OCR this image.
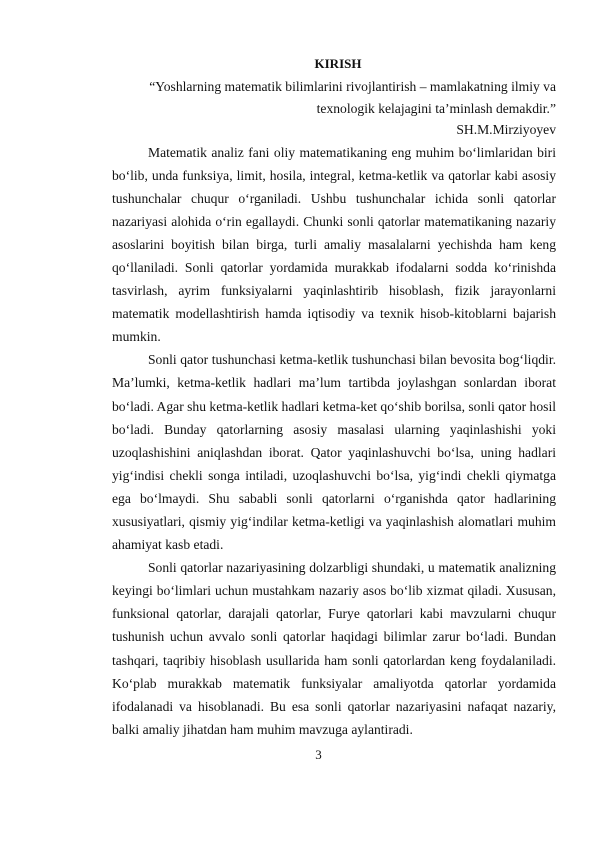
KIRISH
“Yoshlarning matematik bilimlarini rivojlantirish – mamlakatning ilmiy va
texnologik kelajagini ta’minlash demakdir.”
SH.M.Mirziyoyev

Matematik analiz fani oliy matematikaning eng muhim bo‘limlaridan biri bo‘lib, unda funksiya, limit, hosila, integral, ketma-ketlik va qatorlar kabi asosiy tushunchalar chuqur o‘rganiladi. Ushbu tushunchalar ichida sonli qatorlar nazariyasi alohida o‘rin egallaydi. Chunki sonli qatorlar matematikaning nazariy asoslarini boyitish bilan birga, turli amaliy masalalarni yechishda ham keng qo‘llaniladi. Sonli qatorlar yordamida murakkab ifodalarni sodda ko‘rinishda tasvirlash, ayrim funksiyalarni yaqinlashtirib hisoblash, fizik jarayonlarni matematik modellashtirish hamda iqtisodiy va texnik hisob-kitoblarni bajarish mumkin.

Sonli qator tushunchasi ketma-ketlik tushunchasi bilan bevosita bog‘liqdir. Ma’lumki, ketma-ketlik hadlari ma’lum tartibda joylashgan sonlardan iborat bo‘ladi. Agar shu ketma-ketlik hadlari ketma-ket qo‘shib borilsa, sonli qator hosil bo‘ladi. Bunday qatorlarning asosiy masalasi ularning yaqinlashishi yoki uzoqlashishini aniqlashdan iborat. Qator yaqinlashuvchi bo‘lsa, uning hadlari yig‘indisi chekli songa intiladi, uzoqlashuvchi bo‘lsa, yig‘indi chekli qiymatga ega bo‘lmaydi. Shu sababli sonli qatorlarni o‘rganishda qator hadlarining xususiyatlari, qismiy yig‘indilar ketma-ketligi va yaqinlashish alomatlari muhim ahamiyat kasb etadi.

Sonli qatorlar nazariyasining dolzarbligi shundaki, u matematik analizning keyingi bo‘limlari uchun mustahkam nazariy asos bo‘lib xizmat qiladi. Xususan, funksional qatorlar, darajali qatorlar, Furye qatorlari kabi mavzularni chuqur tushunish uchun avvalo sonli qatorlar haqidagi bilimlar zarur bo‘ladi. Bundan tashqari, taqribiy hisoblash usullarida ham sonli qatorlardan keng foydalaniladi. Ko‘plab murakkab matematik funksiyalar amaliyotda qatorlar yordamida ifodalanadi va hisoblanadi. Bu esa sonli qatorlar nazariyasini nafaqat nazariy, balki amaliy jihatdan ham muhim mavzuga aylantiradi.

3
